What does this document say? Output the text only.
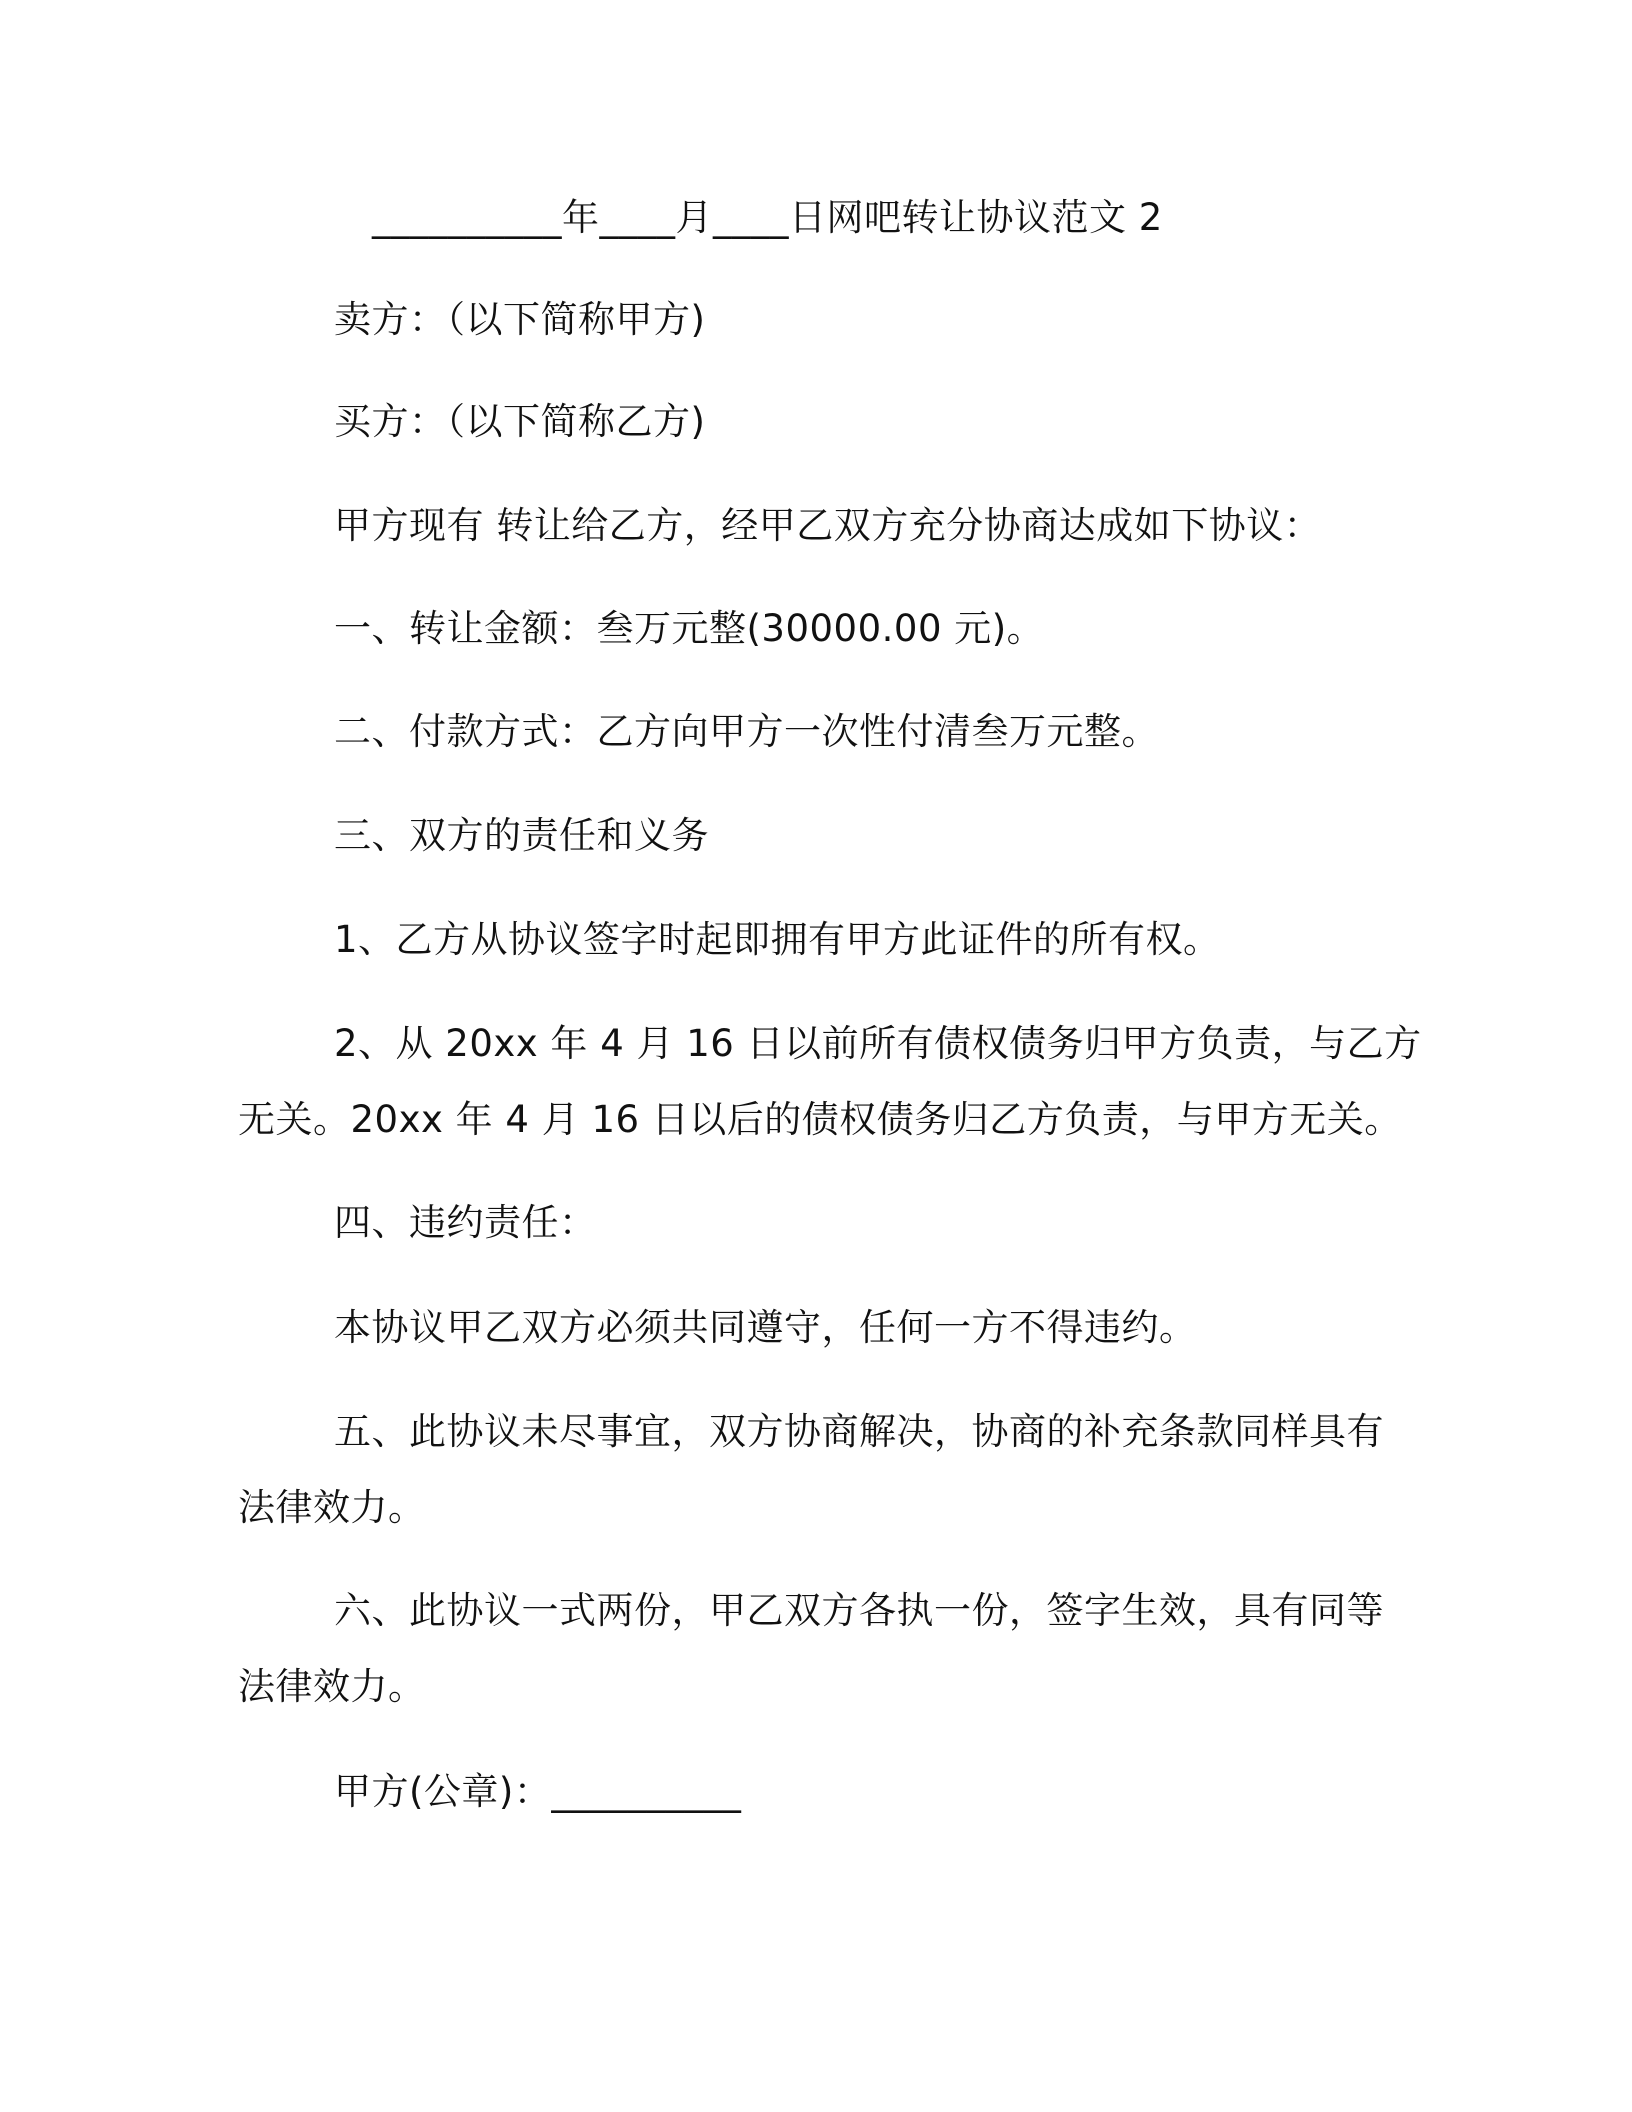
__________年____月____日网吧转让协议范文 2
卖方：（以下简称甲方)
买方：（以下简称乙方)
甲方现有 转让给乙方，经甲乙双方充分协商达成如下协议：
一、转让金额：叁万元整(30000.00 元)。
二、付款方式：乙方向甲方一次性付清叁万元整。
三、双方的责任和义务
1、乙方从协议签字时起即拥有甲方此证件的所有权。
2、从 20xx 年 4 月 16 日以前所有债权债务归甲方负责，与乙方
无关。20xx 年 4 月 16 日以后的债权债务归乙方负责，与甲方无关。
四、违约责任：
本协议甲乙双方必须共同遵守，任何一方不得违约。
五、此协议未尽事宜，双方协商解决，协商的补充条款同样具有
法律效力。
六、此协议一式两份，甲乙双方各执一份，签字生效，具有同等
法律效力。
甲方(公章)：__________
